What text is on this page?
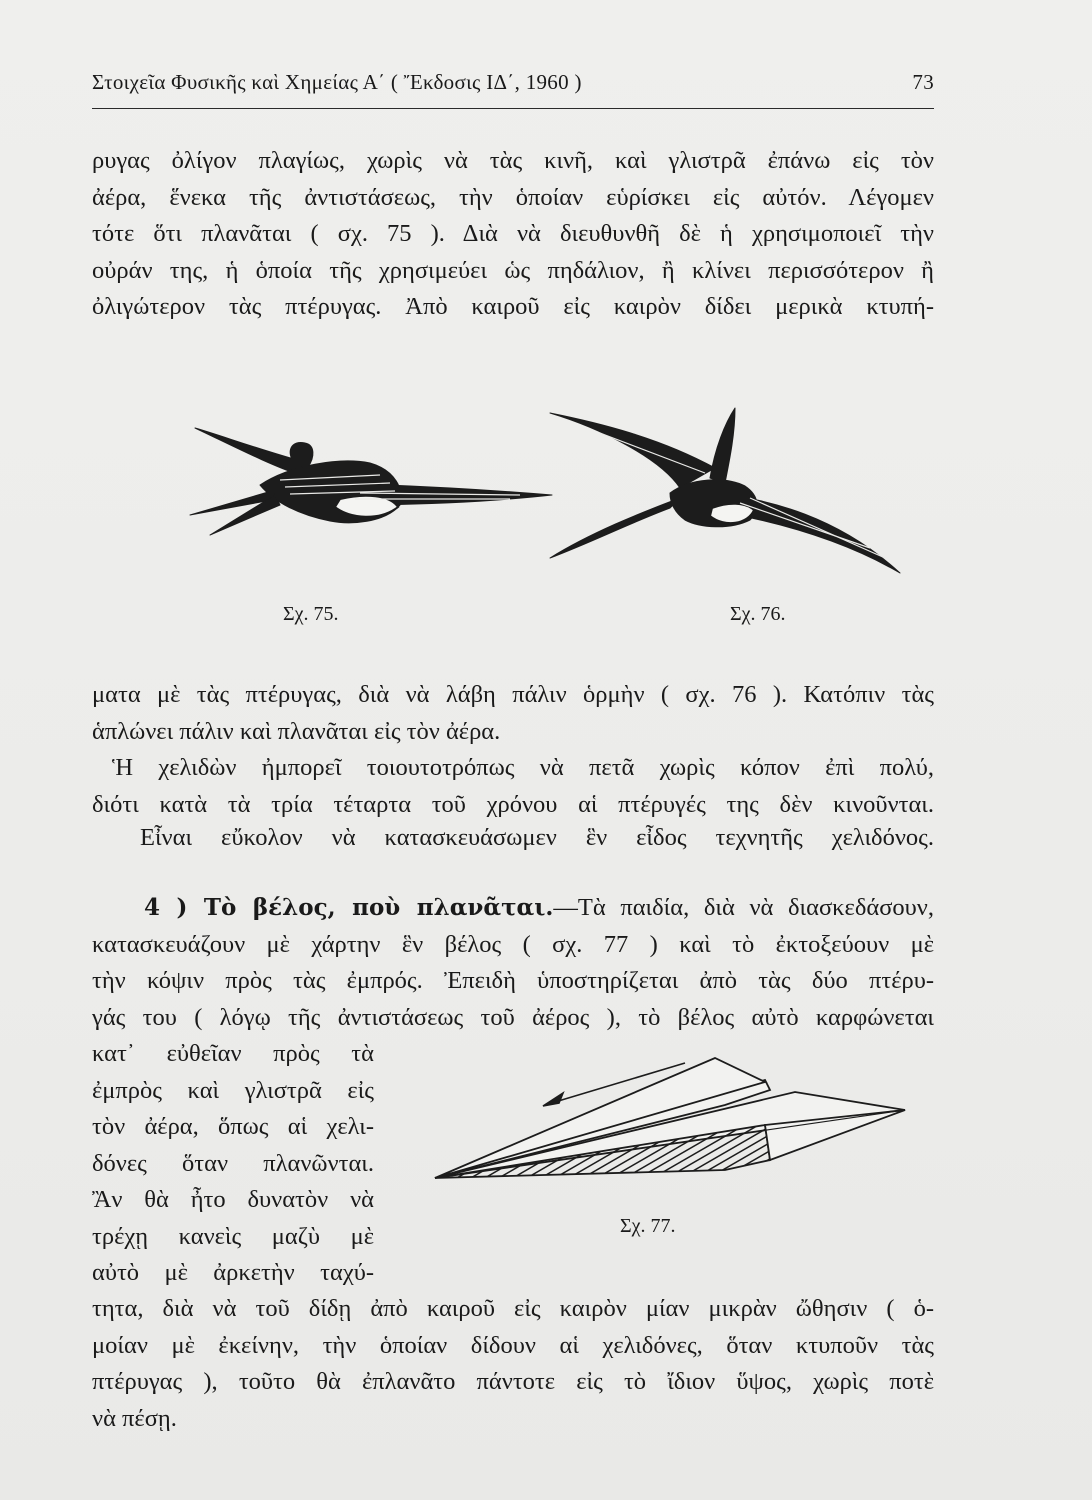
Στοιχεῖα Φυσικῆς καὶ Χημείας Α΄ ( Ἔκδοσις ΙΔ΄, 1960 )	73
ρυγας ὀλίγον πλαγίως, χωρὶς νὰ τὰς κινῆ, καὶ γλιστρᾶ ἐπάνω εἰς τὸν
ἀέρα, ἕνεκα τῆς ἀντιστάσεως, τὴν ὁποίαν εὑρίσκει εἰς αὐτόν. Λέγομεν
τότε ὅτι πλανᾶται ( σχ. 75 ). Διὰ νὰ διευθυνθῆ δὲ ἡ χρησιμοποιεῖ τὴν
οὐράν της, ἡ ὁποία τῆς χρησιμεύει ὡς πηδάλιον, ἢ κλίνει περισσότερον ἢ
ὀλιγώτερον τὰς πτέρυγας. Ἀπὸ καιροῦ εἰς καιρὸν δίδει μερικὰ κτυπή-
Σχ. 75.	Σχ. 76.
ματα μὲ τὰς πτέρυγας, διὰ νὰ λάβη πάλιν ὁρμὴν ( σχ. 76 ). Κατόπιν τὰς
ἁπλώνει πάλιν καὶ πλανᾶται εἰς τὸν ἀέρα.
Ἡ χελιδὼν ἠμπορεῖ τοιουτοτρόπως νὰ πετᾶ χωρὶς κόπον ἐπὶ πολύ,
διότι κατὰ τὰ τρία τέταρτα τοῦ χρόνου αἱ πτέρυγές της δὲν κινοῦνται.
Εἶναι εὔκολον νὰ κατασκευάσωμεν ἓν εἶδος τεχνητῆς χελιδόνος.
4 ) Τὸ βέλος, ποὺ πλανᾶται.—Τὰ παιδία, διὰ νὰ διασκεδάσουν,
κατασκευάζουν μὲ χάρτην ἓν βέλος ( σχ. 77 ) καὶ τὸ ἐκτοξεύουν μὲ
τὴν κόψιν πρὸς τὰς ἐμπρός. Ἐπειδὴ ὑποστηρίζεται ἀπὸ τὰς δύο πτέρυ-
γάς του ( λόγῳ τῆς ἀντιστάσεως τοῦ ἀέρος ), τὸ βέλος αὐτὸ καρφώνεται
κατ᾽ εὐθεῖαν πρὸς τὰ
ἐμπρὸς καὶ γλιστρᾶ εἰς
τὸν ἀέρα, ὅπως αἱ χελι-
δόνες ὅταν πλανῶνται.
Ἂν θὰ ἦτο δυνατὸν νὰ
τρέχῃ κανεὶς μαζὺ μὲ
αὐτὸ μὲ ἀρκετὴν ταχύ-
Σχ. 77.
τητα, διὰ νὰ τοῦ δίδῃ ἀπὸ καιροῦ εἰς καιρὸν μίαν μικρὰν ὤθησιν ( ὁ-
μοίαν μὲ ἐκείνην, τὴν ὁποίαν δίδουν αἱ χελιδόνες, ὅταν κτυποῦν τὰς
πτέρυγας ), τοῦτο θὰ ἐπλανᾶτο πάντοτε εἰς τὸ ἴδιον ὕψος, χωρὶς ποτὲ
νὰ πέσῃ.
